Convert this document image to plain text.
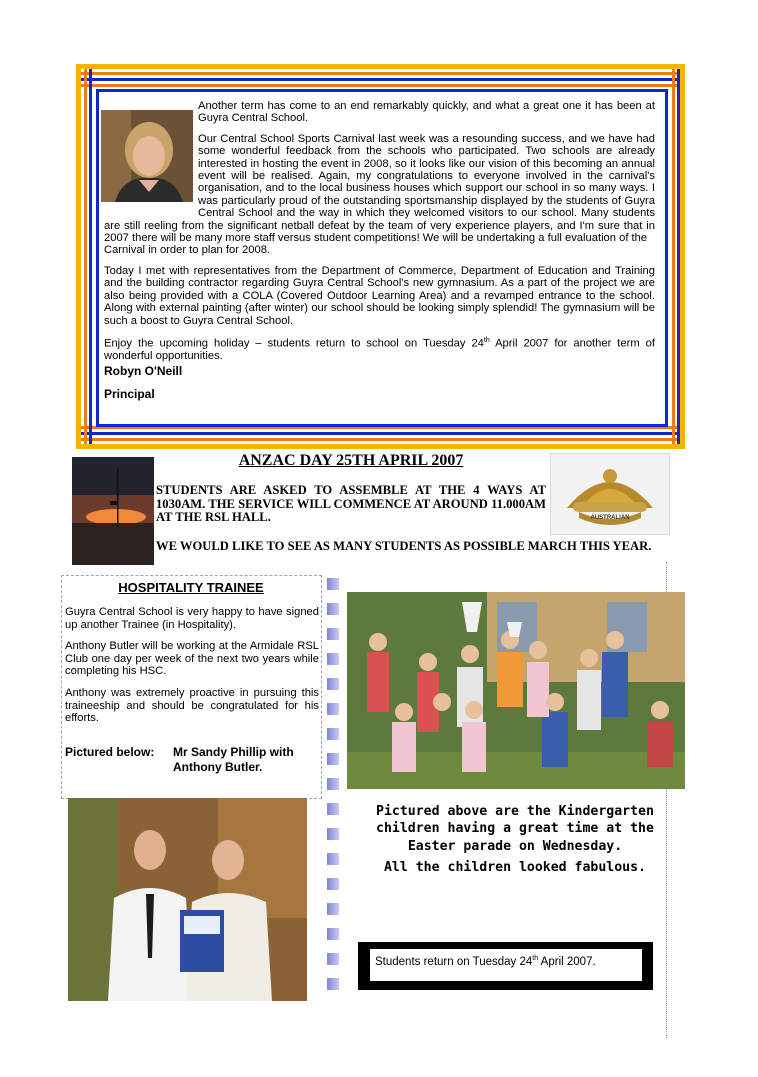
Another term has come to an end remarkably quickly, and what a great one it has been at Guyra Central School.

Our Central School Sports Carnival last week was a resounding success, and we have had some wonderful feedback from the schools who participated. Two schools are already interested in hosting the event in 2008, so it looks like our vision of this becoming an annual event will be realised. Again, my congratulations to everyone involved in the carnival's organisation, and to the local business houses which support our school in so many ways. I was particularly proud of the outstanding sportsmanship displayed by the students of Guyra Central School and the way in which they welcomed visitors to our school. Many students are still reeling from the significant netball defeat by the team of very experience players, and I'm sure that in 2007 there will be many more staff versus student competitions! We will be undertaking a full evaluation of the

Carnival in order to plan for 2008.

Today I met with representatives from the Department of Commerce, Department of Education and Training and the building contractor regarding Guyra Central School's new gymnasium. As a part of the project we are also being provided with a COLA (Covered Outdoor Learning Area) and a revamped entrance to the school. Along with external painting (after winter) our school should be looking simply splendid! The gymnasium will be such a boost to Guyra Central School.

Enjoy the upcoming holiday – students return to school on Tuesday 24th April 2007 for another term of wonderful opportunities.

Robyn O'Neill

Principal

ANZAC DAY 25TH APRIL 2007
STUDENTS ARE ASKED TO ASSEMBLE AT THE 4 WAYS AT 1030AM. THE SERVICE WILL COMMENCE AT AROUND 11.000AM AT THE RSL HALL.
WE WOULD LIKE TO SEE AS MANY STUDENTS AS POSSIBLE MARCH THIS YEAR.
AUSTRALIAN
HOSPITALITY TRAINEE

Guyra Central School is very happy to have signed up another Trainee (in Hospitality).

Anthony Butler will be working at the Armidale RSL Club one day per week of the next two years while completing his HSC.

Anthony was extremely proactive in pursuing this traineeship and should be congratulated for his efforts.

Pictured below: Mr Sandy Phillip with
Anthony Butler.
Pictured above are the Kindergarten children having a great time at the Easter parade on Wednesday.
All the children looked fabulous.
Students return on Tuesday 24th April 2007.
